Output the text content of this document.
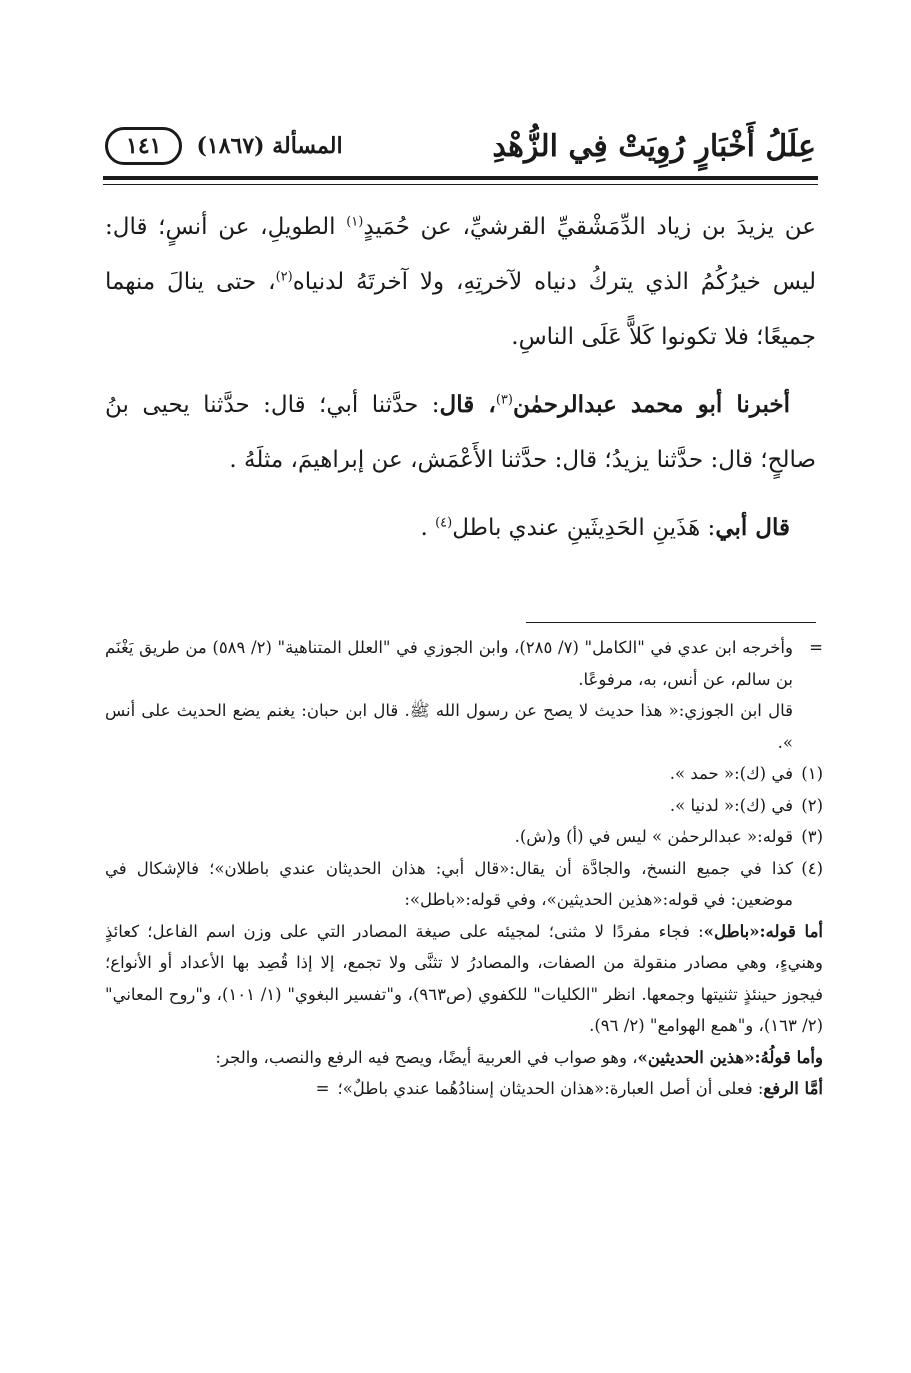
عِلَلُ أَخْبَارٍ رُوِيَتْ فِي الزُّهْدِ
المسألة (١٨٦٧)
١٤١

عن يزيدَ بن زياد الدِّمَشْقيِّ القرشيِّ، عن حُمَيدٍ$^{(١)}$ الطويلِ، عن أنسٍ؛ قال: ليس خيرُكُمُ الذي يتركُ دنياه لآخرتِهِ، ولا آخرتَهُ لدنياه$^{(٢)}$، حتى ينالَ منهما جميعًا؛ فلا تكونوا كَلاًّ عَلَى الناسِ.

أخبرنا أبو محمد عبدالرحمٰن$^{(٣)}$، قال: حدَّثنا أبي؛ قال: حدَّثنا يحيى بنُ صالحٍ؛ قال: حدَّثنا يزيدُ؛ قال: حدَّثنا الأَعْمَش، عن إبراهيمَ، مثلَهُ .

قال أبي: هَذَينِ الحَدِيثَينِ عندي باطل$^{(٤)}$ .

=
وأخرجه ابن عدي في "الكامل" (٧/ ٢٨٥)، وابن الجوزي في "العلل المتناهية" (٢/ ٥٨٩) من طريق يَغْنَم بن سالم، عن أنس، به، مرفوعًا.

قال ابن الجوزي:« هذا حديث لا يصح عن رسول الله ﷺ. قال ابن حبان: يغنم يضع الحديث على أنس ».

(١)
في (ك):« حمد ».
(٢)
في (ك):« لدنيا ».
(٣)
قوله:« عبدالرحمٰن » ليس في (أ) و(ش).
(٤)
كذا في جميع النسخ، والجادَّة أن يقال:«قال أبي: هذان الحديثان عندي باطلان»؛ فالإشكال في موضعين: في قوله:«هذين الحديثين»، وفي قوله:«باطل»:

أما قوله:«باطل»: فجاء مفردًا لا مثنى؛ لمجيئه على صيغة المصادر التي على وزن اسم الفاعل؛ كعائذٍ وهنيءٍ، وهي مصادر منقولة من الصفات، والمصادرُ لا تثنَّى ولا تجمع، إلا إذا قُصِد بها الأعداد أو الأنواع؛ فيجوز حينئذٍ تثنيتها وجمعها. انظر "الكليات" للكفوي (ص٩٦٣)، و"تفسير البغوي" (١/ ١٠١)، و"روح المعاني" (٢/ ١٦٣)، و"همع الهوامع" (٢/ ٩٦).

وأما قولُهُ:«هذين الحديثين»، وهو صواب في العربية أيضًا، ويصح فيه الرفع والنصب، والجر:

أمَّا الرفع: فعلى أن أصل العبارة:«هذان الحديثان إسنادُهُما عندي باطلٌ»؛=
